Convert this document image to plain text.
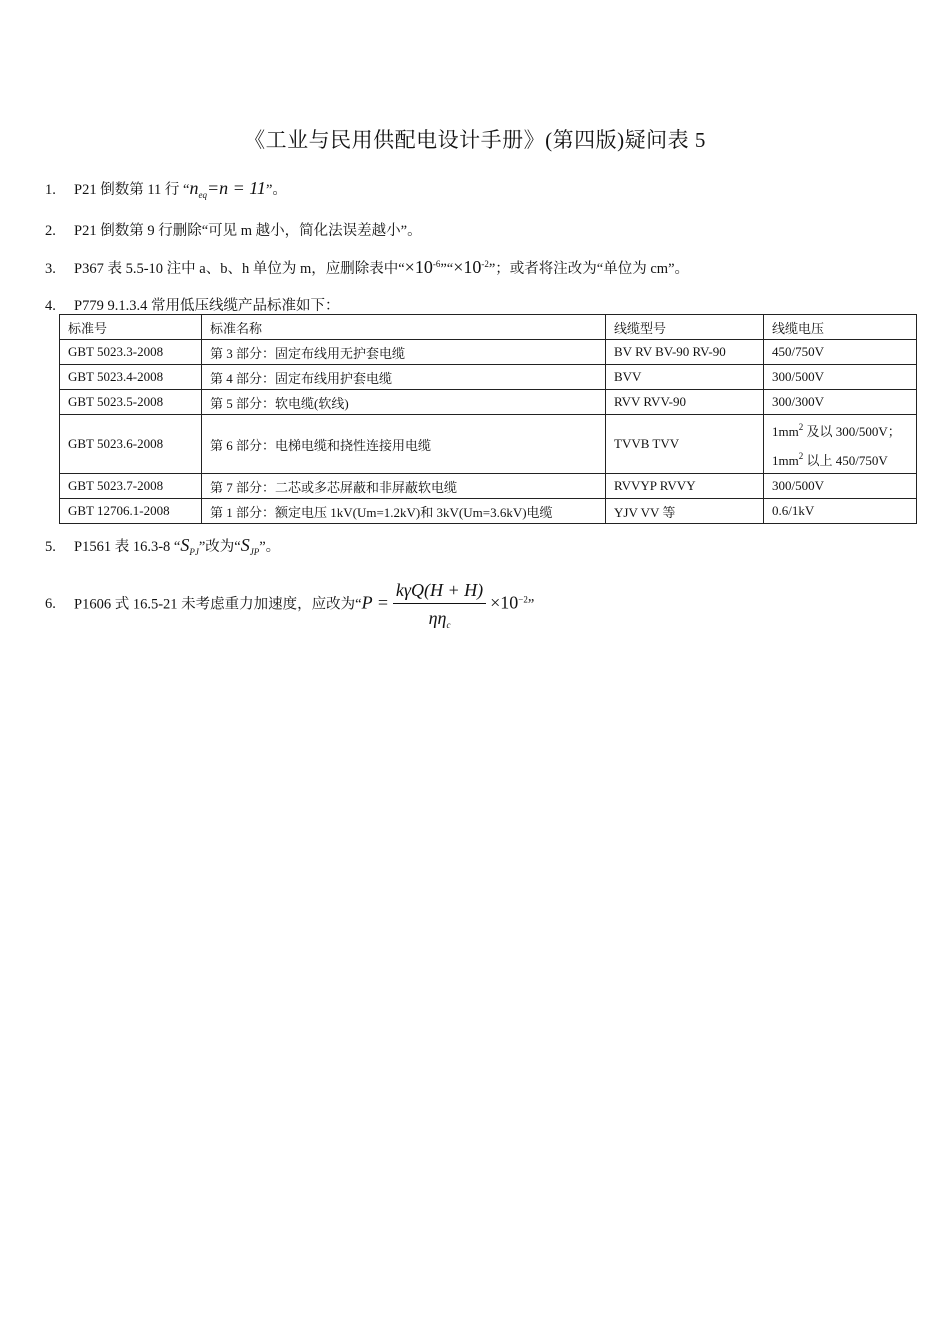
《工业与民用供配电设计手册》(第四版)疑问表 5
1. P21 倒数第 11 行 “$n_{eq}=n = 11$”。
2. P21 倒数第 9 行删除“可见 m 越小，简化法误差越小”。
3. P367 表 5.5-10 注中 a、b、h 单位为 m，应删除表中“$\times 10^{-6}”“\times 10^{-2}$”；或者将注改为“单位为 cm”。
4. P779 9.1.3.4 常用低压线缆产品标准如下：
标准号	标准名称	线缆型号	线缆电压
GBT 5023.3-2008	第 3 部分：固定布线用无护套电缆	BV RV BV-90 RV-90	450/750V
GBT 5023.4-2008	第 4 部分：固定布线用护套电缆	BVV	300/500V
GBT 5023.5-2008	第 5 部分：软电缆(软线)	RVV RVV-90	300/300V
GBT 5023.6-2008	第 6 部分：电梯电缆和挠性连接用电缆	TVVB TVV	$1mm^2$ 及以 300/500V；
$1mm^2$ 以上 450/750V

GBT 5023.7-2008	第 7 部分：二芯或多芯屏蔽和非屏蔽软电缆	RVVYP RVVY	300/500V
GBT 12706.1-2008	第 1 部分：额定电压 1kV(Um=1.2kV)和 3kV(Um=3.6kV)电缆	YJV VV 等	0.6/1kV
5. P1561 表 16.3-8 “$S_{PJ}$”改为“$S_{JP}$”。
6. P1606 式 16.5-21 未考虑重力加速度，应改为“$P = \frac{\text{kγQ(H + H)}}{\eta\eta_c} \times 10^{-2}$”
